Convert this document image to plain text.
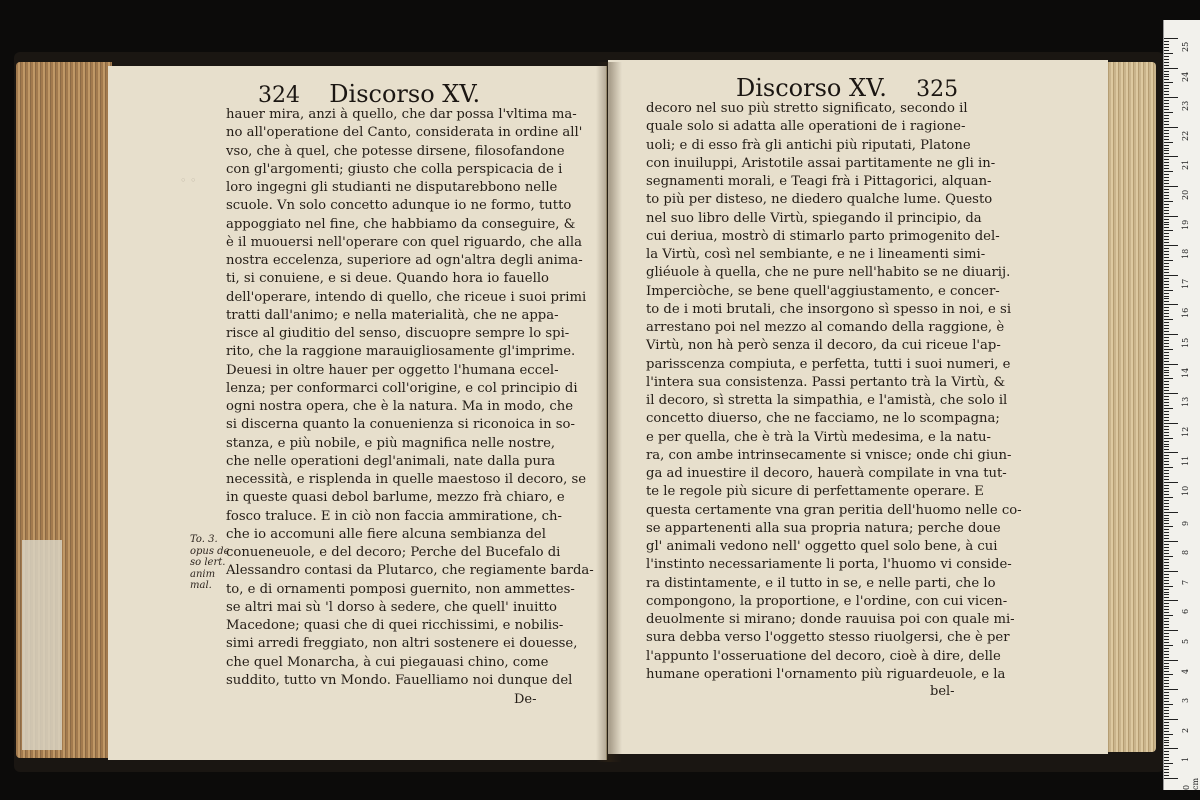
324 Discorso XV.
hauer mira, anzi à quello, che dar possa l'vltima ma-
no all'operatione del Canto, considerata in ordine all'
vso, che à quel, che potesse dirsene, filosofandone
con gl'argomenti; giusto che colla perspicacia de i
loro ingegni gli studianti ne disputarebbono nelle
scuole. Vn solo concetto adunque io ne formo, tutto
appoggiato nel fine, che habbiamo da conseguire, &
è il muouersi nell'operare con quel riguardo, che alla
nostra eccelenza, superiore ad ogn'altra degli anima-
ti, si conuiene, e si deue. Quando hora io fauello
dell'operare, intendo di quello, che riceue i suoi primi
tratti dall'animo; e nella materialità, che ne appa-
risce al giuditio del senso, discuopre sempre lo spi-
rito, che la raggione marauigliosamente gl'imprime.
Deuesi in oltre hauer per oggetto l'humana eccel-
lenza; per conformarci coll'origine, e col principio di
ogni nostra opera, che è la natura. Ma in modo, che
si discerna quanto la conuenienza si riconoica in so-
stanza, e più nobile, e più magnifica nelle nostre,
che nelle operationi degl'animali, nate dalla pura
necessità, e risplenda in quelle maestoso il decoro, se
in queste quasi debol barlume, mezzo frà chiaro, e
fosco traluce. E in ciò non faccia ammiratione, ch-
che io accomuni alle fiere alcuna sembianza del
conueneuole, e del decoro; Perche del Bucefalo di
Alessandro contasi da Plutarco, che regiamente barda-
to, e di ornamenti pomposi guernito, non ammettes-
se altri mai sù 'l dorso à sedere, che quell' inuitto
Macedone; quasi che di quei ricchissimi, e nobilis-
simi arredi freggiato, non altri sostenere ei douesse,
che quel Monarcha, à cui piegauasi chino, come
suddito, tutto vn Mondo. Fauelliamo noi dunque del
De-
To. 3. opus de so lert. anim mal.
◦ ◦
Discorso XV. 325
decoro nel suo più stretto significato, secondo il
quale solo si adatta alle operationi de i ragione-
uoli; e di esso frà gli antichi più riputati, Platone
con inuiluppi, Aristotile assai partitamente ne gli in-
segnamenti morali, e Teagi frà i Pittagorici, alquan-
to più per disteso, ne diedero qualche lume. Questo
nel suo libro delle Virtù, spiegando il principio, da
cui deriua, mostrò di stimarlo parto primogenito del-
la Virtù, così nel sembiante, e ne i lineamenti simi-
gliéuole à quella, che ne pure nell'habito se ne diuarij.
Imperciòche, se bene quell'aggiustamento, e concer-
to de i moti brutali, che insorgono sì spesso in noi, e si
arrestano poi nel mezzo al comando della raggione, è
Virtù, non hà però senza il decoro, da cui riceue l'ap-
parisscenza compiuta, e perfetta, tutti i suoi numeri, e
l'intera sua consistenza. Passi pertanto trà la Virtù, &
il decoro, sì stretta la simpathia, e l'amistà, che solo il
concetto diuerso, che ne facciamo, ne lo scompagna;
e per quella, che è trà la Virtù medesima, e la natu-
ra, con ambe intrinsecamente si vnisce; onde chi giun-
ga ad inuestire il decoro, hauerà compilate in vna tut-
te le regole più sicure di perfettamente operare. E
questa certamente vna gran peritia dell'huomo nelle co-
se appartenenti alla sua propria natura; perche doue
gl' animali vedono nell' oggetto quel solo bene, à cui
l'instinto necessariamente li porta, l'huomo vi conside-
ra distintamente, e il tutto in se, e nelle parti, che lo
compongono, la proportione, e l'ordine, con cui vicen-
deuolmente si mirano; donde rauuisa poi con quale mi-
sura debba verso l'oggetto stesso riuolgersi, che è per
l'appunto l'osseruatione del decoro, cioè à dire, delle
humane operationi l'ornamento più riguardeuole, e la
bel-
0 cm
25
24
23
22
21
20
19
18
17
16
15
14
13
12
11
10
9
8
7
6
5
4
3
2
1
